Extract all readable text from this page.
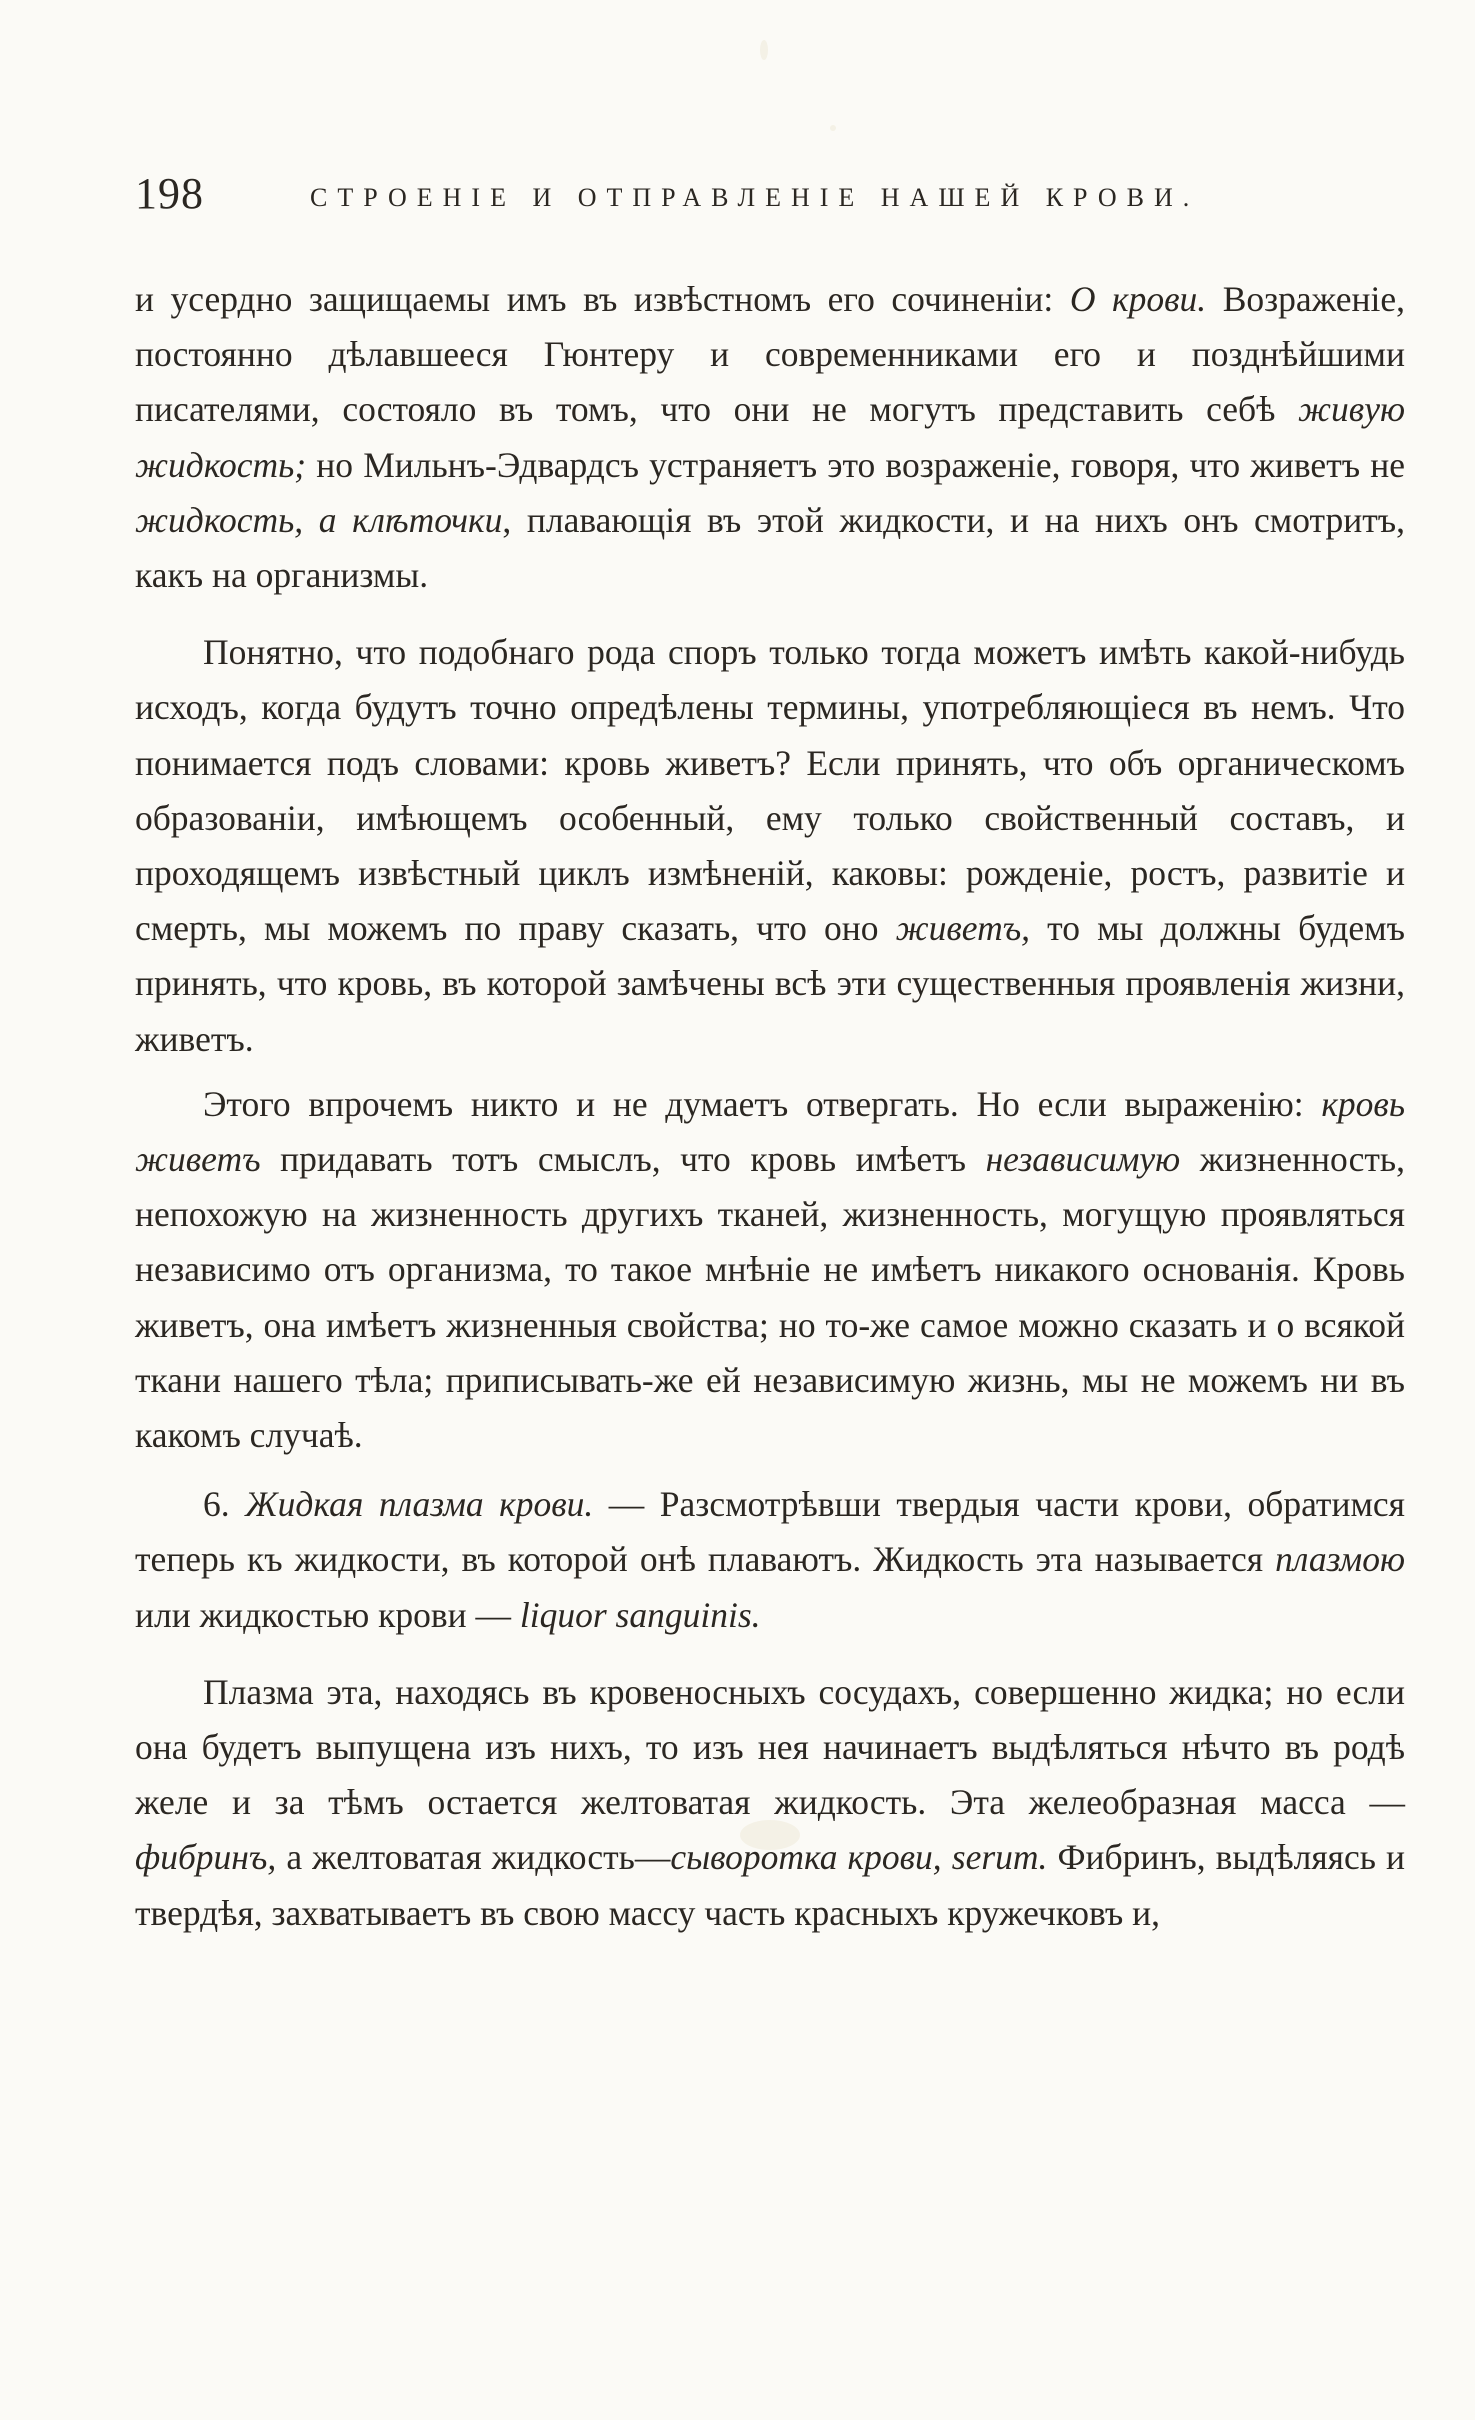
198	СТРОЕНІЕ И ОТПРАВЛЕНІЕ НАШЕЙ КРОВИ.

и усердно защищаемы имъ въ извѣстномъ его сочиненіи: О крови. Возраженіе, постоянно дѣлавшееся Гюнтеру и современниками его и позднѣйшими писателями, состояло въ томъ, что они не могутъ представить себѣ живую жидкость; но Мильнъ-Эдвардсъ устраняетъ это возраженіе, говоря, что живетъ не жидкость, а клѣточки, плавающія въ этой жидкости, и на нихъ онъ смотритъ, какъ на организмы.

Понятно, что подобнаго рода споръ только тогда можетъ имѣть какой-нибудь исходъ, когда будутъ точно опредѣлены термины, употребляющіеся въ немъ. Что понимается подъ словами: кровь живетъ? Если принять, что объ органическомъ образованіи, имѣющемъ особенный, ему только свойственный составъ, и проходящемъ извѣстный циклъ измѣненій, каковы: рожденіе, ростъ, развитіе и смерть, мы можемъ по праву сказать, что оно живетъ, то мы должны будемъ принять, что кровь, въ которой замѣчены всѣ эти существенныя проявленія жизни, живетъ.

Этого впрочемъ никто и не думаетъ отвергать. Но если выраженію: кровь живетъ придавать тотъ смыслъ, что кровь имѣетъ независимую жизненность, непохожую на жизненность другихъ тканей, жизненность, могущую проявляться независимо отъ организма, то такое мнѣніе не имѣетъ никакого основанія. Кровь живетъ, она имѣетъ жизненныя свойства; но то-же самое можно сказать и о всякой ткани нашего тѣла; приписывать-же ей независимую жизнь, мы не можемъ ни въ какомъ случаѣ.

6. Жидкая плазма крови. — Разсмотрѣвши твердыя части крови, обратимся теперь къ жидкости, въ которой онѣ плаваютъ. Жидкость эта называется плазмою или жидкостью крови — liquor sanguinis.

Плазма эта, находясь въ кровеносныхъ сосудахъ, совершенно жидка; но если она будетъ выпущена изъ нихъ, то изъ нея начинаетъ выдѣляться нѣчто въ родѣ желе и за тѣмъ остается желтоватая жидкость. Эта желеобразная масса — фибринъ, а желтоватая жидкость—сыворотка крови, serum. Фибринъ, выдѣляясь и твердѣя, захватываетъ въ свою массу часть красныхъ кружечковъ и,
